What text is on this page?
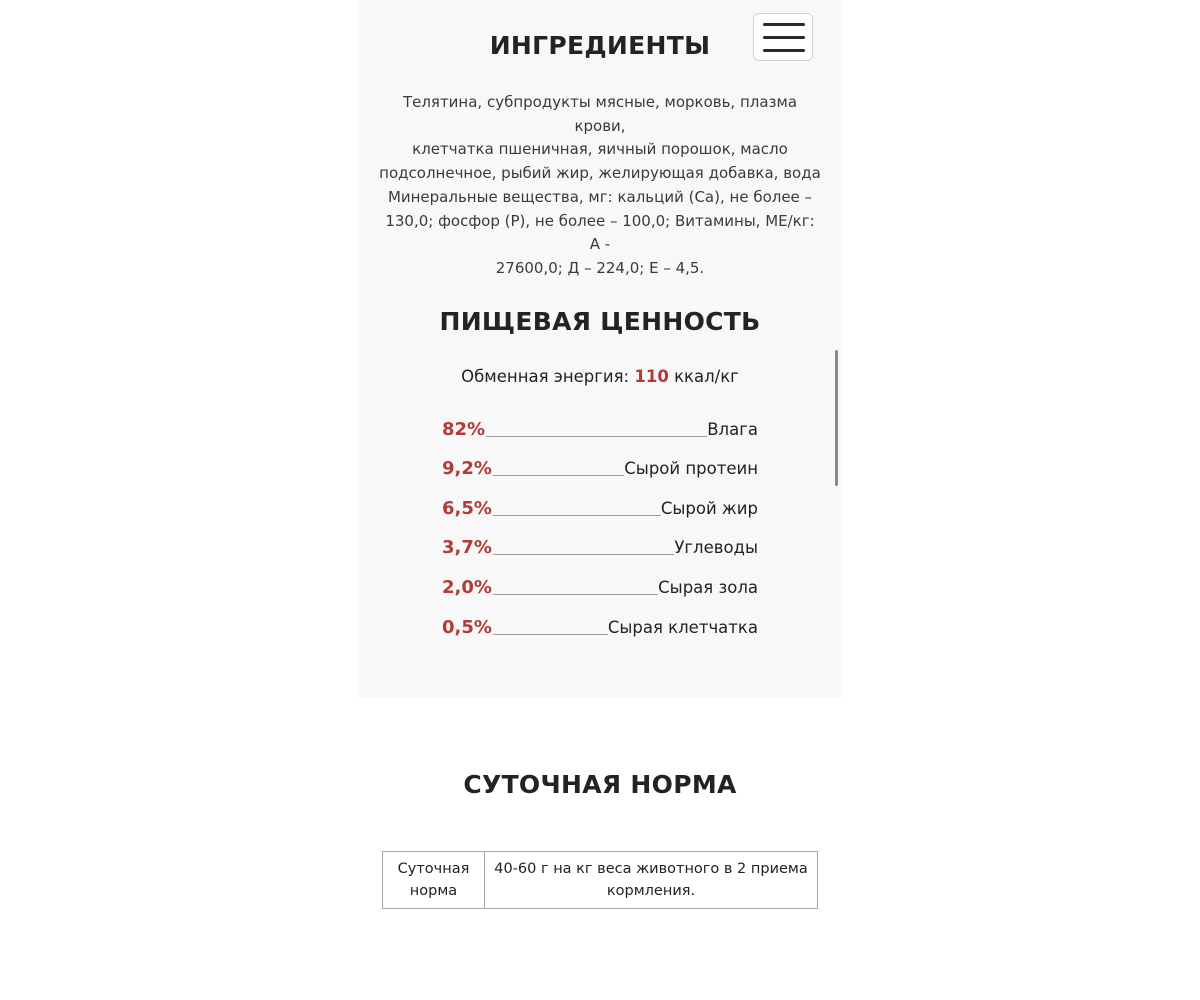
ИНГРЕДИЕНТЫ

Телятина, субпродукты мясные, морковь, плазма крови,
клетчатка пшеничная, яичный порошок, масло
подсолнечное, рыбий жир, желирующая добавка, вода
Минеральные вещества, мг: кальций (Са), не более –
130,0; фосфор (Р), не более – 100,0; Витамины, МЕ/кг: А -
27600,0; Д – 224,0; Е – 4,5.

ПИЩЕВАЯ ЦЕННОСТЬ
Обменная энергия: 110 ккал/кг
82%	Влага
9,2%	Сырой протеин
6,5%	Сырой жир
3,7%	Углеводы
2,0%	Сырая зола
0,5%	Сырая клетчатка
СУТОЧНАЯ НОРМА
Суточная
норма	40-60 г на кг веса животного в 2 приема
кормления.
